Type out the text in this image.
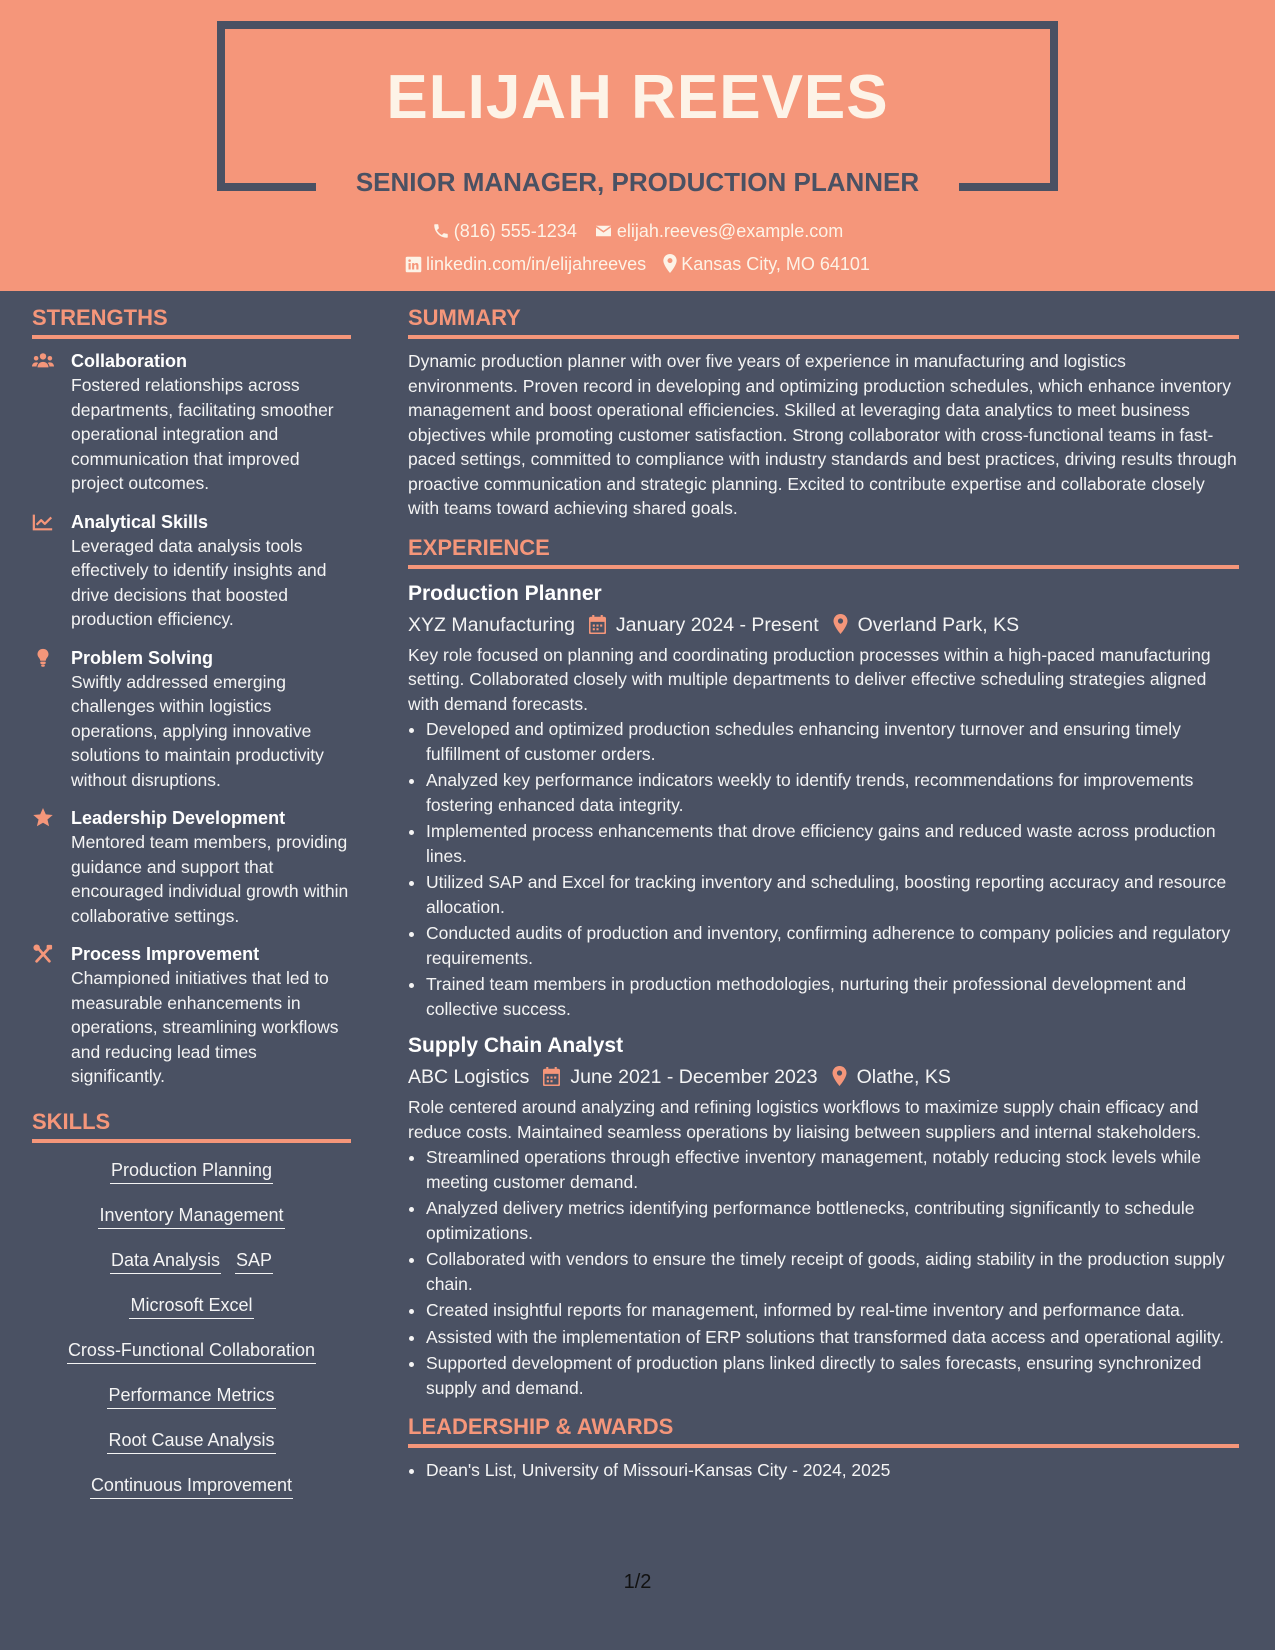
ELIJAH REEVES
SENIOR MANAGER, PRODUCTION PLANNER
(816) 555-1234 elijah.reeves@example.com
linkedin.com/in/elijahreeves Kansas City, MO 64101
STRENGTHS
Collaboration
Fostered relationships across departments, facilitating smoother operational integration and communication that improved project outcomes.
Analytical Skills
Leveraged data analysis tools effectively to identify insights and drive decisions that boosted production efficiency.
Problem Solving
Swiftly addressed emerging challenges within logistics operations, applying innovative solutions to maintain productivity without disruptions.
Leadership Development
Mentored team members, providing guidance and support that encouraged individual growth within collaborative settings.
Process Improvement
Championed initiatives that led to measurable enhancements in operations, streamlining workflows and reducing lead times significantly.
SKILLS
Production Planning
Inventory Management
Data Analysis SAP
Microsoft Excel
Cross-Functional Collaboration
Performance Metrics
Root Cause Analysis
Continuous Improvement
SUMMARY
Dynamic production planner with over five years of experience in manufacturing and logistics environments. Proven record in developing and optimizing production schedules, which enhance inventory management and boost operational efficiencies. Skilled at leveraging data analytics to meet business objectives while promoting customer satisfaction. Strong collaborator with cross-functional teams in fast-paced settings, committed to compliance with industry standards and best practices, driving results through proactive communication and strategic planning. Excited to contribute expertise and collaborate closely with teams toward achieving shared goals.
EXPERIENCE
Production Planner
XYZ Manufacturing January 2024 - Present Overland Park, KS
Key role focused on planning and coordinating production processes within a high-paced manufacturing setting. Collaborated closely with multiple departments to deliver effective scheduling strategies aligned with demand forecasts.
• Developed and optimized production schedules enhancing inventory turnover and ensuring timely fulfillment of customer orders.
• Analyzed key performance indicators weekly to identify trends, recommendations for improvements fostering enhanced data integrity.
• Implemented process enhancements that drove efficiency gains and reduced waste across production lines.
• Utilized SAP and Excel for tracking inventory and scheduling, boosting reporting accuracy and resource allocation.
• Conducted audits of production and inventory, confirming adherence to company policies and regulatory requirements.
• Trained team members in production methodologies, nurturing their professional development and collective success.
Supply Chain Analyst
ABC Logistics June 2021 - December 2023 Olathe, KS
Role centered around analyzing and refining logistics workflows to maximize supply chain efficacy and reduce costs. Maintained seamless operations by liaising between suppliers and internal stakeholders.
• Streamlined operations through effective inventory management, notably reducing stock levels while meeting customer demand.
• Analyzed delivery metrics identifying performance bottlenecks, contributing significantly to schedule optimizations.
• Collaborated with vendors to ensure the timely receipt of goods, aiding stability in the production supply chain.
• Created insightful reports for management, informed by real-time inventory and performance data.
• Assisted with the implementation of ERP solutions that transformed data access and operational agility.
• Supported development of production plans linked directly to sales forecasts, ensuring synchronized supply and demand.
LEADERSHIP & AWARDS
• Dean's List, University of Missouri-Kansas City - 2024, 2025
1/2
